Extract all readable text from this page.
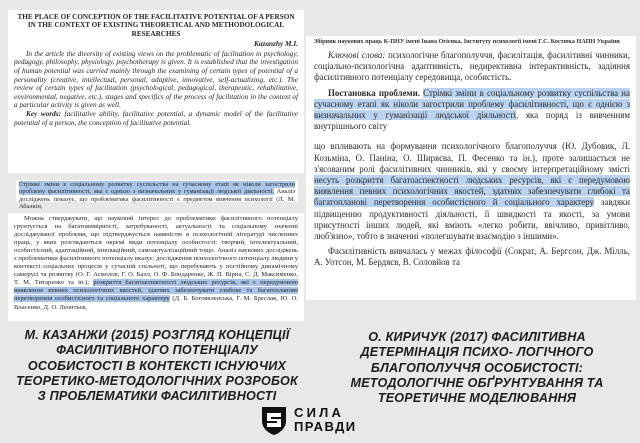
THE PLACE OF CONCEPTION OF THE FACILITATIVE POTENTIAL OF A PERSON IN THE CONTEXT OF EXISTING THEORETICAL AND METHODOLOGICAL RESEARCHES

Kazanzhy M.I.

In the article the diversity of existing views on the problematic of facilitation in psychology, pedagogy, philosophy, physiology, psychotherapy is given. It is established that the investigation of human potential was carried mainly through the examining of certain types of potential of a personality (creative, intellectual, personal, adaptive, innovative, self-actualizing, etc.). The review of certain types of facilitation (psychological, pedagogical, therapeutic, rehabilitative, environmental, negative, etc.), stages and specifics of the process of facilitation in the context of a particular activity is given as well.

Key words: facilitative ability, facilitative potential, a dynamic model of the facilitative potential of a person, the conception of facilitative potential.

Стрімкі зміни в соціальному розвитку суспільства на сучасному етапі як ніколи загострили проблему фасилітивності, яка є однією з визначальних у гуманізації людської діяльності. Аналіз досліджень показує, що проблематика фасилітивності є предметом вивчення психології (Л. М. Абалкін,

Можна стверджувати, що науковий інтерес до проблематики фасилітивного потенціалу грунтується на багатовимірності, затребуваності, актуальності та соціальному значенні досліджуваної проблеми, що підтверджується наявністю в психологічній літературі численних праць, у яких розглядаються окремі види потенціалу особистості: творчий, інтелектуальний, особистісний, адаптаційний, інноваційний, самоактуалізаційний тощо. Аналіз наукових досліджень з проблематики фасилітивного потенціалу вказує: дослідження психологічного потенціалу людини у контексті соціальних процесів у сучасній спільноті, що перебувають у постійному динамічному саморусі та розвитку (О. Г. Асмолов, Г. О. Балл, О. Ф. Бондаренко, Ж. П. Вірна, С. Д. Максименко, Т. М. Титаренко та ін.); розкриття багатоаспектності людських ресурсів, які є передумовою виявлення певних психологічних якостей, здатних забезпечувати глибоке та багатопланове перетворення особистісного та соціального характеру (Д. Б. Богоявленська, Г. М. Бреслав, Ю. О. Власенко, Д. О. Леонтьєв,

Збірник наукових праць К-ПНУ імені Івана Огієнка, Інституту психології імені Г.С. Костюка НАПН України

Ключові слова: психологічне благополуччя, фасилітація, фасилітивні чинники, соціально-психологічна адаптивність, недирективна інтерактивність, задіяння фасилітивного потенціалу середовища, особистість.

Постановка проблеми. Стрімкі зміни в соціальному розвитку суспільства на сучасному етапі як ніколи загострили проблему фасилітивності, що є однією з визначальних у гуманізації людської діяльності, яка поряд із вивченням внутрішнього світу

що впливають на формування психологічного благополуччя (Ю. Дубовик, Л. Козьміна, О. Паніна, О. Ширяєва, П. Фесенко та ін.), проте залишається не з'ясованим ролі фасилітивних чинників, які у своєму інтерпретаційному змісті несуть розкриття багатоаспектності людських ресурсів, які є передумовою виявлення певних психологічних якостей, здатних забезпечувати глибокі та багатопланові перетворення особистісного й соціального характеру завдяки підвищенню продуктивності діяльності, її швидкості та якості, за умови присутності інших людей, які вміють «легко робити, ввічливо, привітливо, люб'язно», тобто в значенні «полегшувати взаємодію з іншими».

Фасилітивність вивчалась у межах філософії (Сократ, А. Бергсон, Дж. Мілль, А. Уотсон, М. Бердяєв, В. Соловйов та

М. КАЗАНЖИ (2015) РОЗГЛЯД КОНЦЕПЦІЇ ФАСИЛІТИВНОГО ПОТЕНЦІАЛУ ОСОБИСТОСТІ В КОНТЕКСТІ ІСНУЮЧИХ ТЕОРЕТИКО-МЕТОДОЛОГІЧНИХ РОЗРОБОК З ПРОБЛЕМАТИКИ ФАСИЛІТИВНОСТІ
О. КИРИЧУК (2017) ФАСИЛІТИВНА ДЕТЕРМІНАЦІЯ ПСИХО- ЛОГІЧНОГО БЛАГОПОЛУЧЧЯ ОСОБИСТОСТІ: МЕТОДОЛОГІЧНЕ ОБҐРУНТУВАННЯ ТА ТЕОРЕТИЧНЕ МОДЕЛЮВАННЯ
СИЛА
ПРАВДИ
